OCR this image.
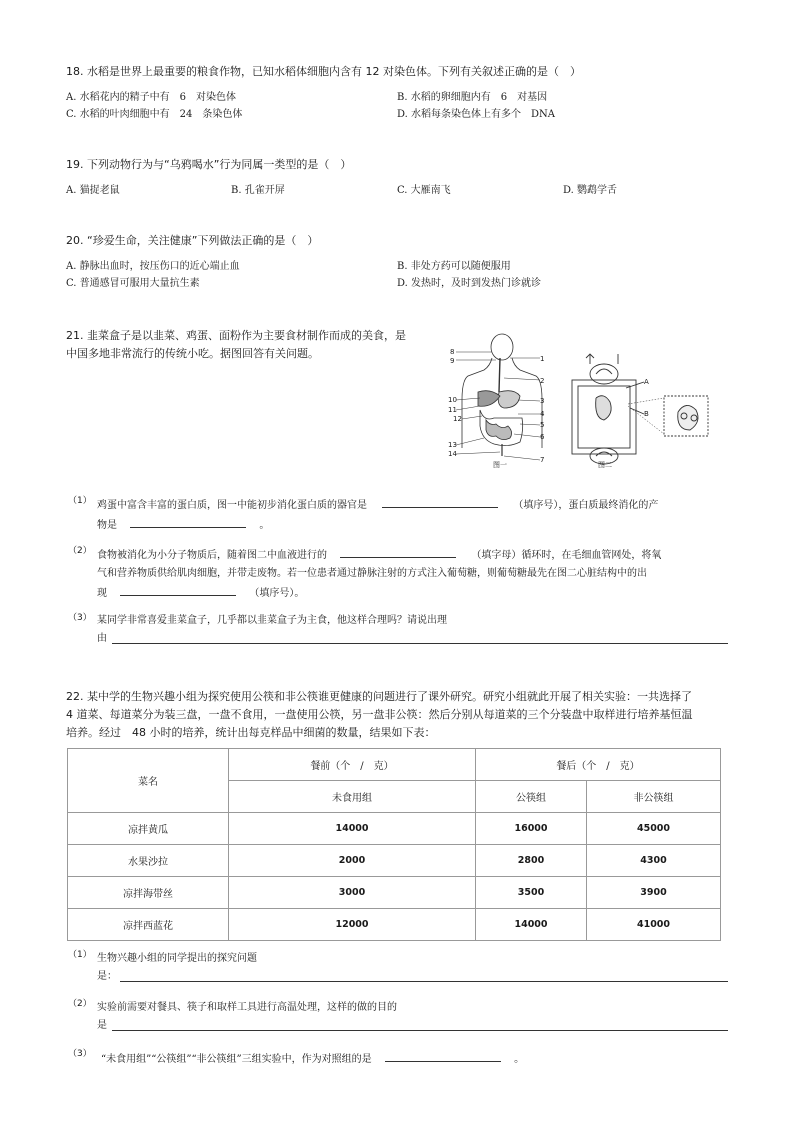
18. 水稻是世界上最重要的粮食作物，已知水稻体细胞内含有 12 对染色体。下列有关叙述正确的是（　）
A. 水稻花内的精子中有　6　对染色体	B. 水稻的卵细胞内有　6　对基因
C. 水稻的叶肉细胞中有　24　条染色体	D. 水稻每条染色体上有多个　DNA
19. 下列动物行为与“乌鸦喝水”行为同属一类型的是（　）
A. 猫捉老鼠	B. 孔雀开屏	C. 大雁南飞	D. 鹦鹉学舌
20. “珍爱生命，关注健康”下列做法正确的是（　）
A. 静脉出血时，按压伤口的近心端止血	B. 非处方药可以随便服用
C. 普通感冒可服用大量抗生素	D. 发热时，及时到发热门诊就诊
21. 韭菜盒子是以韭菜、鸡蛋、面粉作为主要食材制作而成的美食，是
中国多地非常流行的传统小吃。据图回答有关问题。	8
9	1
2
10
11
12
3
4
5
6
13
14
7
图一
A
B
图二
（1） 鸡蛋中富含丰富的蛋白质，图一中能初步消化蛋白质的器官是	（填序号），蛋白质最终消化的产
物是	。
（2） 食物被消化为小分子物质后，随着图二中血液进行的	（填字母）循环时，在毛细血管网处，将氧
气和营养物质供给肌肉细胞，并带走废物。若一位患者通过静脉注射的方式注入葡萄糖，则葡萄糖最先在图二心脏结构中的出
现	（填序号）。
（3） 某同学非常喜爱韭菜盒子，几乎都以韭菜盒子为主食，他这样合理吗？请说出理
由
22. 某中学的生物兴趣小组为探究使用公筷和非公筷谁更健康的问题进行了课外研究。研究小组就此开展了相关实验：一共选择了
4 道菜、每道菜分为装三盘，一盘不食用，一盘使用公筷，另一盘非公筷：然后分别从每道菜的三个分装盘中取样进行培养基恒温
培养。经过　48 小时的培养，统计出每克样品中细菌的数量，结果如下表：
菜名	餐前（个　/　克）	餐后（个　/　克）	
	未食用组	公筷组	非公筷组
凉拌黄瓜	14000	16000	45000
水果沙拉	2000	2800	4300
凉拌海带丝	3000	3500	3900
凉拌西蓝花	12000	14000	41000
（1） 生物兴趣小组的同学提出的探究问题
是：
（2） 实验前需要对餐具、筷子和取样工具进行高温处理，这样的做的目的
是
（3） “未食用组”“公筷组”“非公筷组”三组实验中，作为对照组的是	。
